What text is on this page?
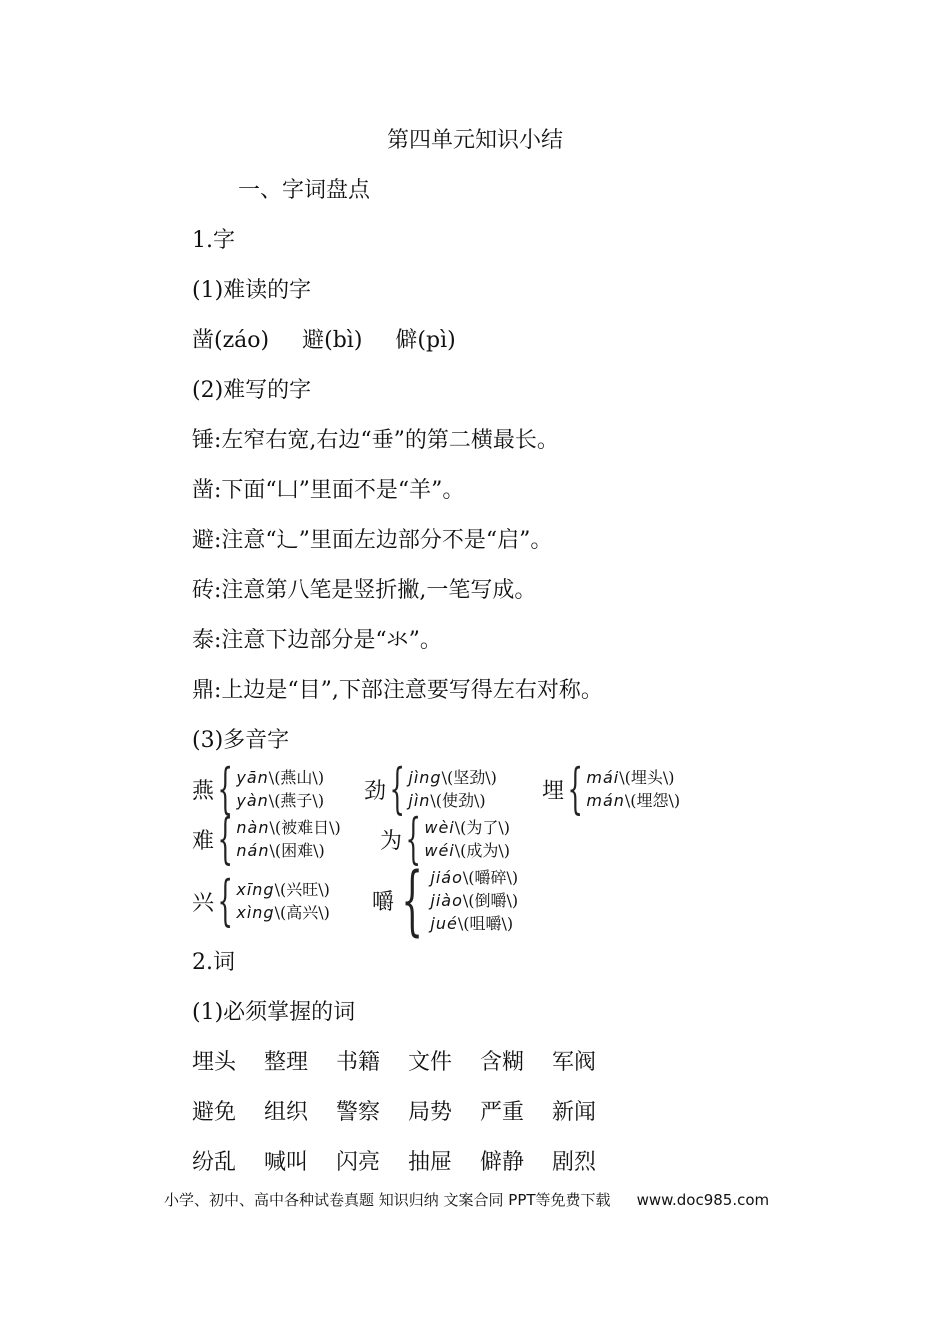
第四单元知识小结
一、字词盘点
1.字
(1)难读的字
凿(záo) 避(bì) 僻(pì)
(2)难写的字
锤:左窄右宽,右边“垂”的第二横最长。
凿:下面“凵”里面不是“羊”。
避:注意“辶”里面左边部分不是“启”。
砖:注意第八笔是竖折撇,一笔写成。
泰:注意下边部分是“氺”。
鼎:上边是“目”,下部注意要写得左右对称。
(3)多音字
燕 { yān\(燕山\)
yàn\(燕子\) 劲 { jìng\(坚劲\)
jìn\(使劲\)	埋 { mái\(埋头\)
mán\(埋怨\)
难 { nàn\(被难日\)
nán\(困难\)	为 { wèi\(为了\)
wéi\(成为\)
兴 { xīng\(兴旺\)
xìng\(高兴\) 嚼 { jiáo\(嚼碎\)
jiào\(倒嚼\)
jué\(咀嚼\)
2.词
(1)必须掌握的词
埋头 整理 书籍 文件 含糊 军阀
避免 组织 警察 局势 严重 新闻
纷乱 喊叫 闪亮 抽屉 僻静 剧烈
小学、初中、高中各种试卷真题 知识归纳 文案合同 PPT等免费下载 www.doc985.com
